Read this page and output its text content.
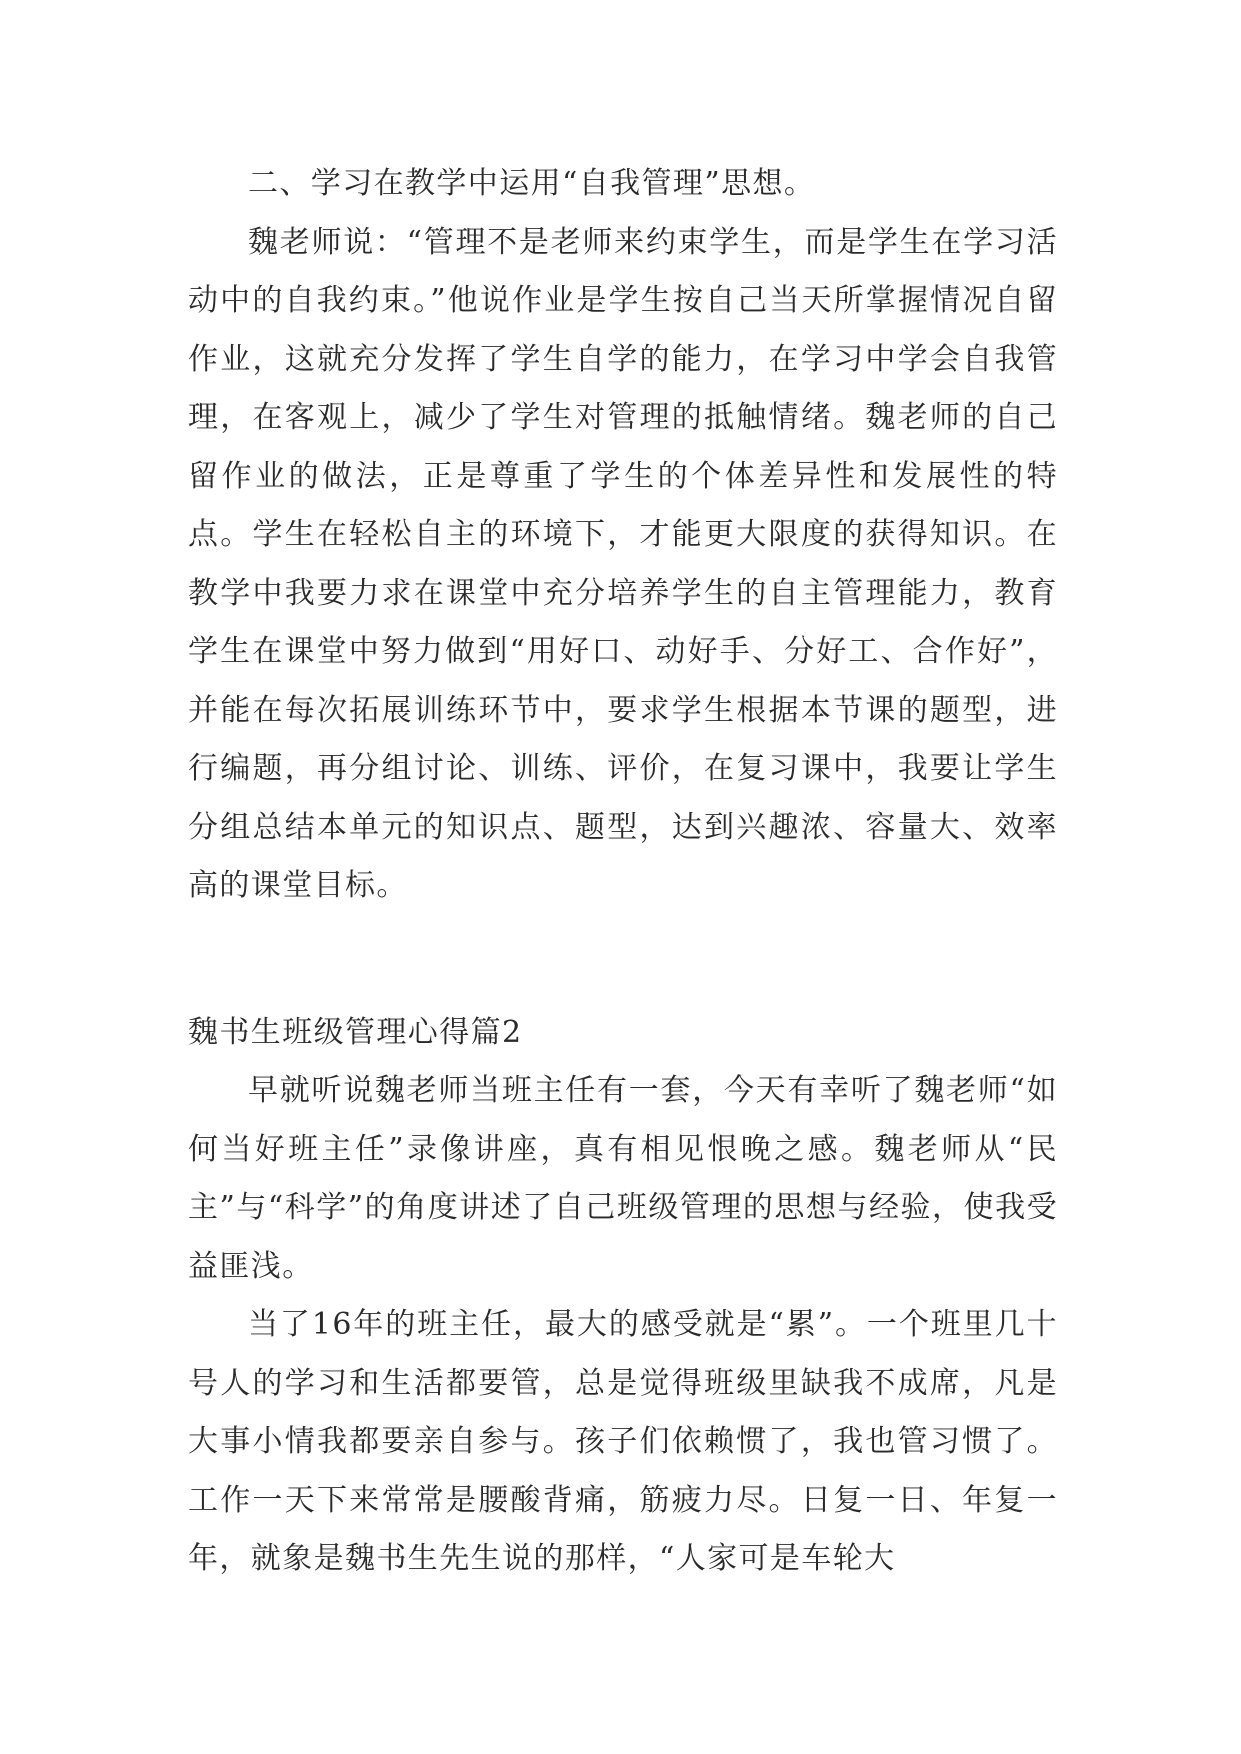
二、学习在教学中运用“自我管理”思想。

魏老师说：“管理不是老师来约束学生，而是学生在学习活动中的自我约束。”他说作业是学生按自己当天所掌握情况自留作业，这就充分发挥了学生自学的能力，在学习中学会自我管理，在客观上，减少了学生对管理的抵触情绪。魏老师的自己留作业的做法，正是尊重了学生的个体差异性和发展性的特点。学生在轻松自主的环境下，才能更大限度的获得知识。在教学中我要力求在课堂中充分培养学生的自主管理能力，教育学生在课堂中努力做到“用好口、动好手、分好工、合作好”，并能在每次拓展训练环节中，要求学生根据本节课的题型，进行编题，再分组讨论、训练、评价，在复习课中，我要让学生分组总结本单元的知识点、题型，达到兴趣浓、容量大、效率高的课堂目标。

魏书生班级管理心得篇2

早就听说魏老师当班主任有一套，今天有幸听了魏老师“如何当好班主任”录像讲座，真有相见恨晚之感。魏老师从“民主”与“科学”的角度讲述了自己班级管理的思想与经验，使我受益匪浅。

当了16年的班主任，最大的感受就是“累”。一个班里几十号人的学习和生活都要管，总是觉得班级里缺我不成席，凡是大事小情我都要亲自参与。孩子们依赖惯了，我也管习惯了。工作一天下来常常是腰酸背痛，筋疲力尽。日复一日、年复一年，就象是魏书生先生说的那样，“人家可是车轮大
